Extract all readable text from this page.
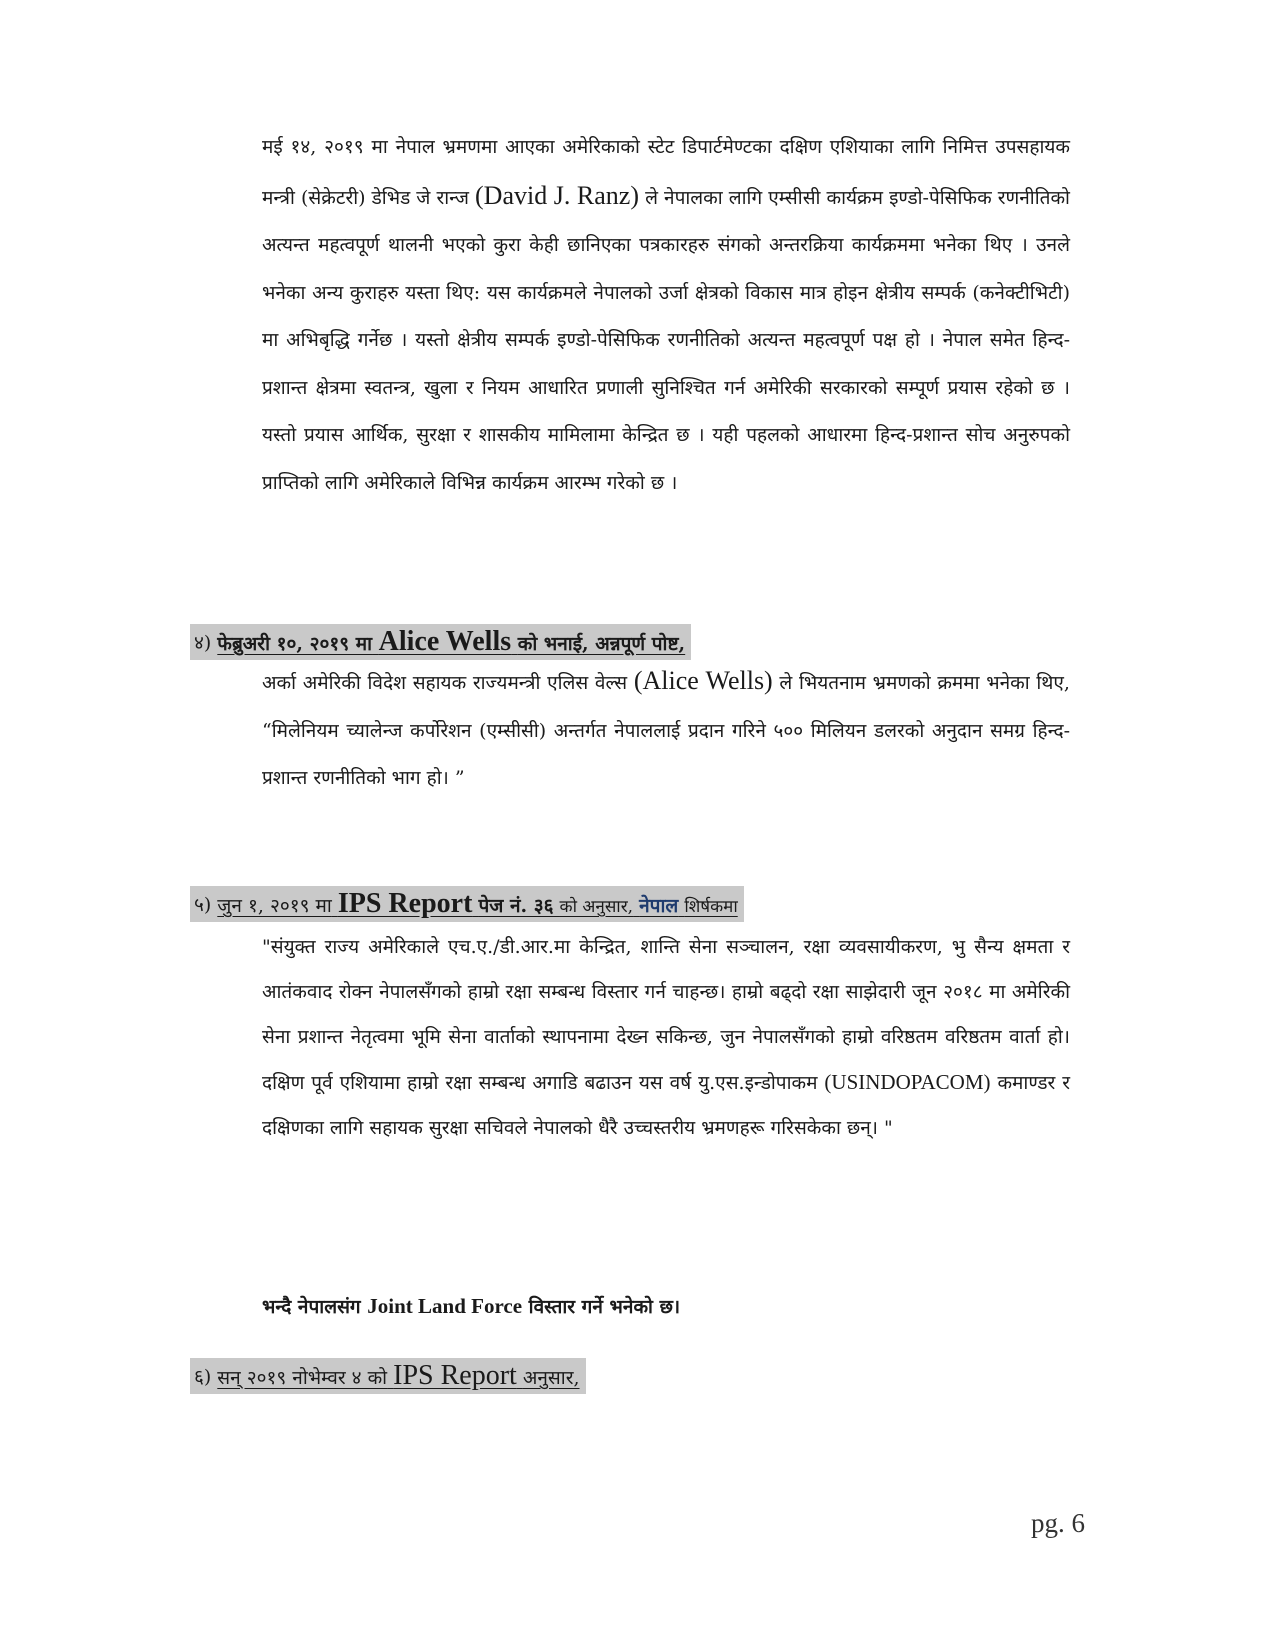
मई १४, २०१९ मा नेपाल भ्रमणमा आएका अमेरिकाको स्टेट डिपार्टमेण्टका दक्षिण एशियाका लागि निमित्त उपसहायक मन्त्री (सेक्रेटरी) डेभिड जे रान्ज (David J. Ranz) ले नेपालका लागि एम्सीसी कार्यक्रम इण्डो-पेसिफिक रणनीतिको अत्यन्त महत्वपूर्ण थालनी भएको कुरा केही छानिएका पत्रकारहरु संगको अन्तरक्रिया कार्यक्रममा भनेका थिए । उनले भनेका अन्य कुराहरु यस्ता थिए: यस कार्यक्रमले नेपालको उर्जा क्षेत्रको विकास मात्र होइन क्षेत्रीय सम्पर्क (कनेक्टीभिटी) मा अभिबृद्धि गर्नेछ । यस्तो क्षेत्रीय सम्पर्क इण्डो-पेसिफिक रणनीतिको अत्यन्त महत्वपूर्ण पक्ष हो । नेपाल समेत हिन्द-प्रशान्त क्षेत्रमा स्वतन्त्र, खुला र नियम आधारित प्रणाली सुनिश्चित गर्न अमेरिकी सरकारको सम्पूर्ण प्रयास रहेको छ । यस्तो प्रयास आर्थिक, सुरक्षा र शासकीय मामिलामा केन्द्रित छ । यही पहलको आधारमा हिन्द-प्रशान्त सोच अनुरुपको प्राप्तिको लागि अमेरिकाले विभिन्न कार्यक्रम आरम्भ गरेको छ ।

४) फेब्रुअरी १०, २०१९ मा Alice Wells को भनाई, अन्नपूर्ण पोष्ट,

अर्का अमेरिकी विदेश सहायक राज्यमन्त्री एलिस वेल्स (Alice Wells) ले भियतनाम भ्रमणको क्रममा भनेका थिए, “मिलेनियम च्यालेन्ज कर्पोरेशन (एम्सीसी) अन्तर्गत नेपाललाई प्रदान गरिने ५०० मिलियन डलरको अनुदान समग्र हिन्द-प्रशान्त रणनीतिको भाग हो। ”

५) जुन १, २०१९ मा IPS Report पेज नं. ३६ को अनुसार, नेपाल शिर्षकमा

"संयुक्त राज्य अमेरिकाले एच.ए./डी.आर.मा केन्द्रित, शान्ति सेना सञ्चालन, रक्षा व्यवसायीकरण, भु सैन्य क्षमता र आतंकवाद रोक्न नेपालसँगको हाम्रो रक्षा सम्बन्ध विस्तार गर्न चाहन्छ। हाम्रो बढ्दो रक्षा साझेदारी जून २०१८ मा अमेरिकी सेना प्रशान्त नेतृत्वमा भूमि सेना वार्ताको स्थापनामा देख्न सकिन्छ, जुन नेपालसँगको हाम्रो वरिष्ठतम वरिष्ठतम वार्ता हो। दक्षिण पूर्व एशियामा हाम्रो रक्षा सम्बन्ध अगाडि बढाउन यस वर्ष यु.एस.इन्डोपाकम (USINDOPACOM) कमाण्डर र दक्षिणका लागि सहायक सुरक्षा सचिवले नेपालको धैरै उच्चस्तरीय भ्रमणहरू गरिसकेका छन्। "

भन्दै नेपालसंग Joint Land Force विस्तार गर्ने भनेको छ।
६) सन् २०१९ नोभेम्वर ४ को IPS Report अनुसार,
pg. 6
